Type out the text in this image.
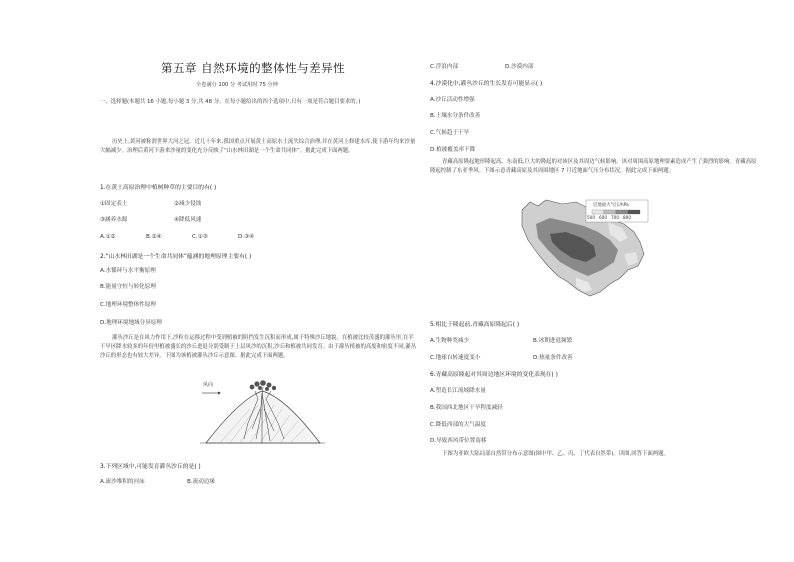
第五章 自然环境的整体性与差异性
全卷满分 100 分 考试用时 75 分钟
一、选择题(本题共 16 小题,每小题 3 分,共 48 分。在每小题给出的四个选项中,只有一项是符合题目要求的。)
历史上,黄河被称渭世界大河之冠。近几十年来,我国重点开展黄土高原水土流失综合治理,并在黄河上修建水库,使下游年均来沙量大幅减少。治理后黄河下游来沙量的变化充分反映了“山水林田湖是一个生命共同体”。据此完成下面两题。
1.在黄土高原治理中植树种草的主要目的有( )
①固定表土	②减少侵蚀
③涵养水源	④降低风速
A.①②	B.②④	C.①③	D.③④
2.“山水林田湖是一个生命共同体”蕴涵的地理原理主要有( )
A.水循环与水平衡原理
B.能量守恒与转化原理
C.地理环境整体性原理
D.地理环境地域分异原理
灌丛沙丘是在风力作用下,沙粒在运移过程中受到植被的阻挡发生沉积而形成,属于特殊沙丘地貌。在植被比较茂盛的灌丛里,在半干旱区降水较多的年份里植被盛长的沙丘进退分别受制于上层风沙的沉积,沙丘和植被共同发育。由于灌丛植被的高度和密度不同,灌丛沙丘的形态也有较大差异。下图为该植被灌丛沙丘示意图。据此完成下面两题。
风向
3.下列区域中,可能发育灌丛沙丘的是( )
A.流沙堆积的河床	B.流动边缘
C.浮浪内部	D.沙漠内部
4.沙漠化中,灌丛沙丘的生长发育可能显示( )
A.沙丘活动性增强
B.土壤水分条件改善
C.气候趋于干旱
D.植被覆盖率下降
青藏高原隆起地形隆起高、东南低,巨大的隆起的对该区及其周边气候影响。该对周围高原地理要素造成产生了强烈的影响。青藏高原隆起控制了东亚季风。下图示意青藏高原及其周围地区 7 月近地面气压分布状况。据此完成下面两题。
近地面大气压/hPa
500 600 700 800
5.相比于隆起前,青藏高原隆起后( )
A.生物种类减少	B.冰期进退频繁
C.地球自转速度变小	D.热量条件改善
6.青藏高原隆起对其周边地区环境的变化表现在( )
A.塑造长江流域降水量
B.我国西北地区干旱程度减轻
C.降低西部的大气温度
D.导致西风带位置南移
下图为亚欧大陆局部自然带分布示意图(图中甲、乙、丙、丁代表自然带)。读图,回答下面两题。
